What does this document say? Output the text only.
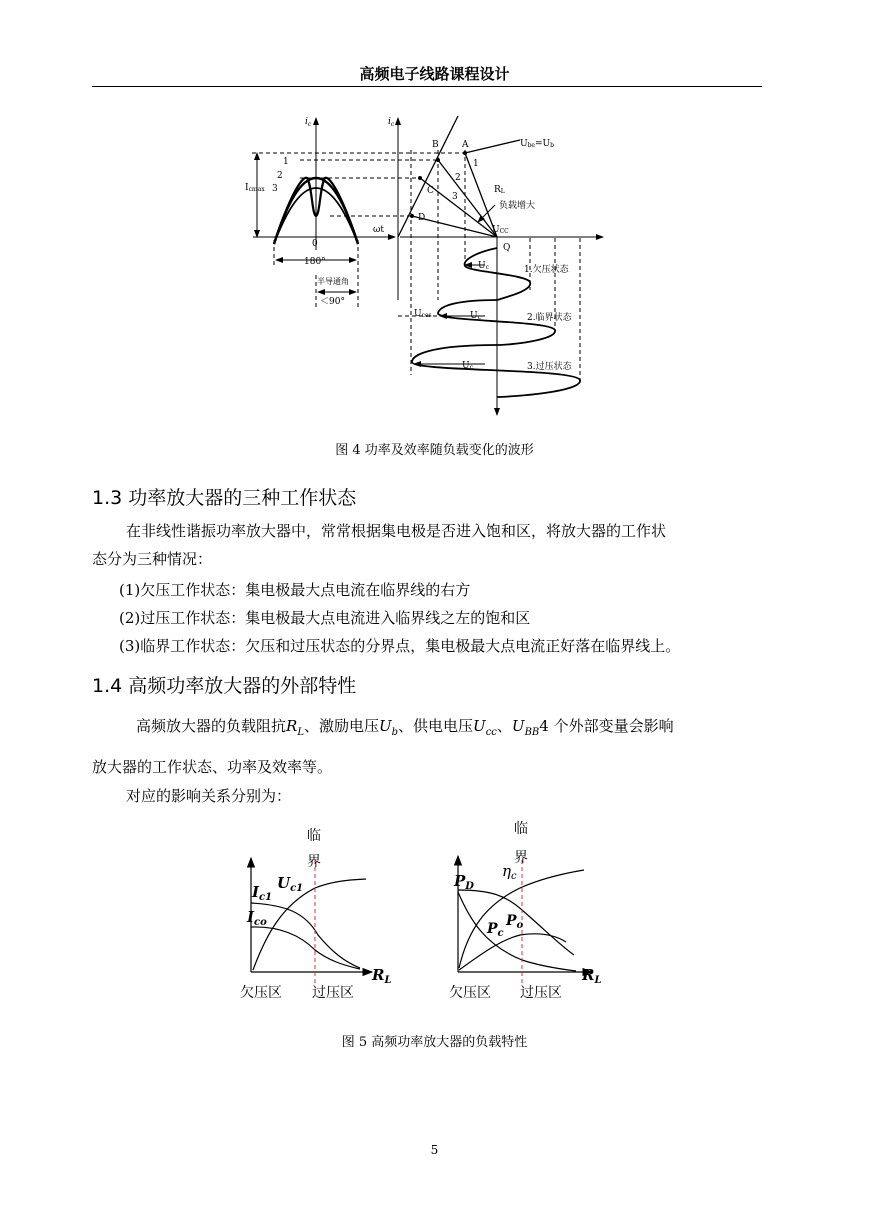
高频电子线路课程设计
$i_c$	$i_c$
1
2
3
Icmax
0
ωt
180°
半导通角
＜90°
B	A
C
D
Q
1
2
3
Ube=Ub
RL
负载增大
UCC
Uces
Uc
Uc
Uc
1.欠压状态
2.临界状态
3.过压状态
图 4 功率及效率随负载变化的波形
1.3 功率放大器的三种工作状态
在非线性谐振功率放大器中，常常根据集电极是否进入饱和区，将放大器的工作状
态分为三种情况：
(1)欠压工作状态：集电极最大点电流在临界线的右方
(2)过压工作状态：集电极最大点电流进入临界线之左的饱和区
(3)临界工作状态：欠压和过压状态的分界点，集电极最大点电流正好落在临界线上。
1.4 高频功率放大器的外部特性
高频放大器的负载阻抗$R_L$、激励电压$U_b$、供电电压$U_{cc}$、$U_{BB}4$ 个外部变量会影响
放大器的工作状态、功率及效率等。
对应的影响关系分别为：
临
界
$I_{c1}$
$I_{co}$
$U_{c1}$
$R_L$
欠压区 过压区
临
界
$P_D$
$\eta_c$
$P_c$
$P_o$
$R_L$
欠压区 过压区
图 5 高频功率放大器的负载特性
5
